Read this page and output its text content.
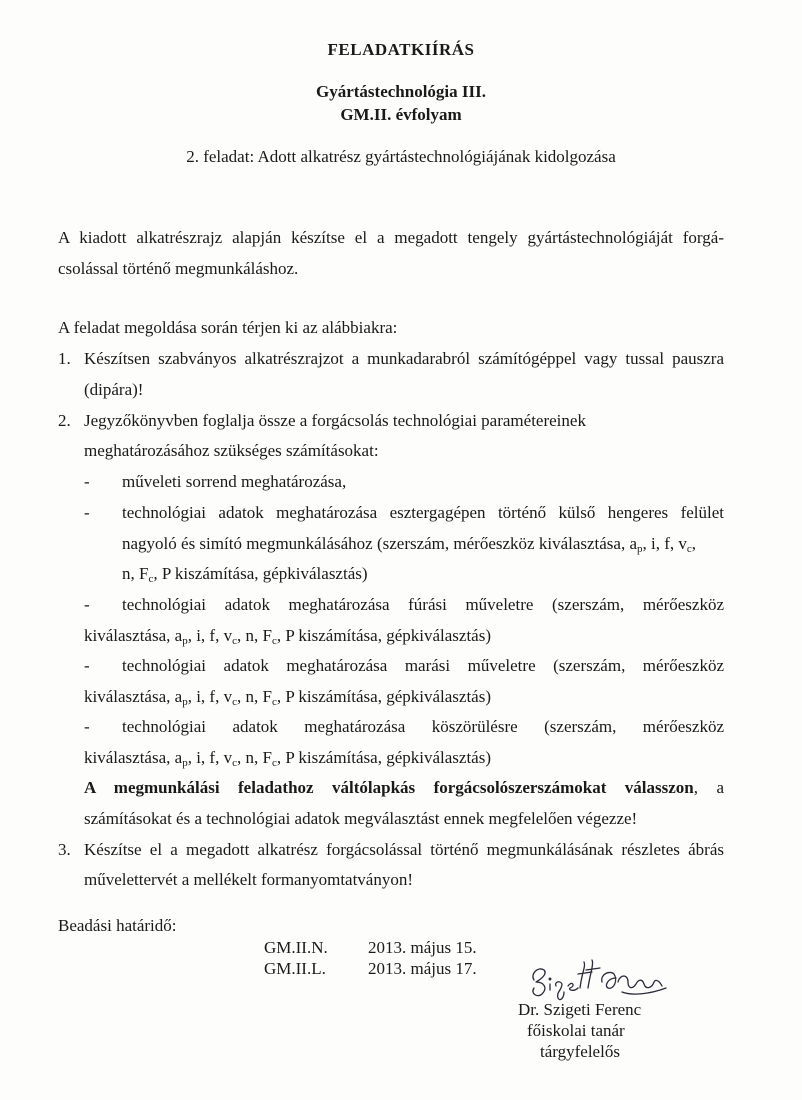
FELADATKIÍRÁS
Gyártástechnológia III.
GM.II. évfolyam
2. feladat: Adott alkatrész gyártástechnológiájának kidolgozása
A kiadott alkatrészrajz alapján készítse el a megadott tengely gyártástechnológiáját forgá-
csolással történő megmunkáláshoz.
A feladat megoldása során térjen ki az alábbiakra:
1. Készítsen szabványos alkatrészrajzot a munkadarabról számítógéppel vagy tussal pauszra
(dipára)!
2. Jegyzőkönyvben foglalja össze a forgácsolás technológiai paramétereinek
meghatározásához szükséges számításokat:
- műveleti sorrend meghatározása,
- technológiai adatok meghatározása esztergagépen történő külső hengeres felület
nagyoló és simító megmunkálásához (szerszám, mérőeszköz kiválasztása, $a_p$, i, f, $v_c$,
n, $F_c$, P kiszámítása, gépkiválasztás)
- technológiai adatok meghatározása fúrási műveletre (szerszám, mérőeszköz
kiválasztása, $a_p$, i, f, $v_c$, n, $F_c$, P kiszámítása, gépkiválasztás)
- technológiai adatok meghatározása marási műveletre (szerszám, mérőeszköz
kiválasztása, $a_p$, i, f, $v_c$, n, $F_c$, P kiszámítása, gépkiválasztás)
- technológiai adatok meghatározása köszörülésre (szerszám, mérőeszköz
kiválasztása, $a_p$, i, f, $v_c$, n, $F_c$, P kiszámítása, gépkiválasztás)
A megmunkálási feladathoz váltólapkás forgácsolószerszámokat válasszon, a
számításokat és a technológiai adatok megválasztást ennek megfelelően végezze!
3. Készítse el a megadott alkatrész forgácsolással történő megmunkálásának részletes ábrás
művelettervét a mellékelt formanyomtatványon!
Beadási határidő:
GM.II.N. 2013. május 15.
GM.II.L. 2013. május 17.
Dr. Szigeti Ferenc
főiskolai tanár
tárgyfelelős
